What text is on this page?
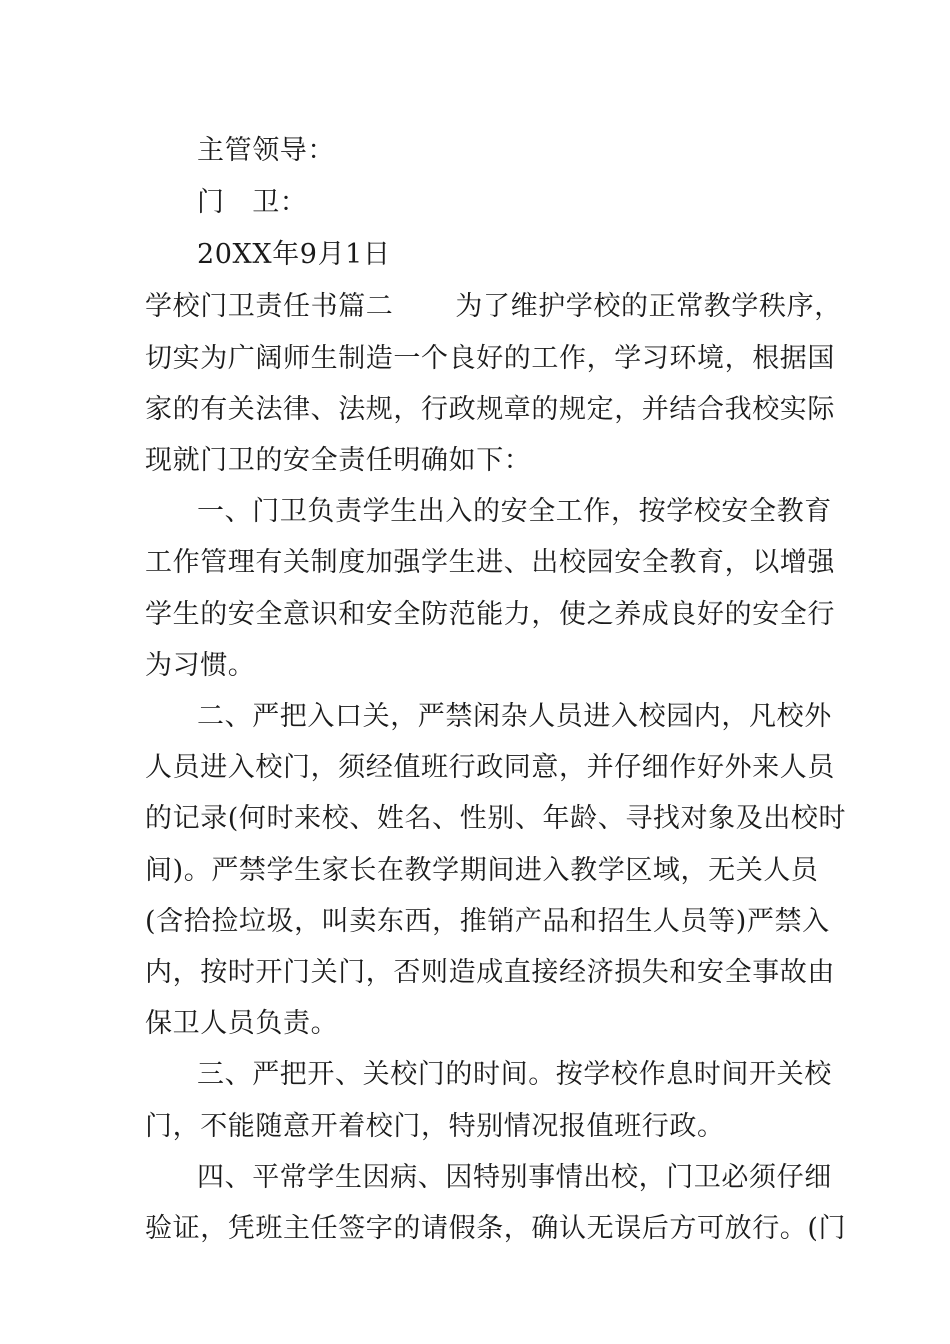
主管领导：
门　卫：
20XX年9月1日
学校门卫责任书篇二 为了维护学校的正常教学秩序，
切实为广阔师生制造一个良好的工作，学习环境，根据国
家的有关法律、法规，行政规章的规定，并结合我校实际
现就门卫的安全责任明确如下：
一、门卫负责学生出入的安全工作，按学校安全教育
工作管理有关制度加强学生进、出校园安全教育，以增强
学生的安全意识和安全防范能力，使之养成良好的安全行
为习惯。
二、严把入口关，严禁闲杂人员进入校园内，凡校外
人员进入校门，须经值班行政同意，并仔细作好外来人员
的记录(何时来校、姓名、性别、年龄、寻找对象及出校时
间)。严禁学生家长在教学期间进入教学区域，无关人员
(含拾捡垃圾，叫卖东西，推销产品和招生人员等)严禁入
内，按时开门关门，否则造成直接经济损失和安全事故由
保卫人员负责。
三、严把开、关校门的时间。按学校作息时间开关校
门，不能随意开着校门，特别情况报值班行政。
四、平常学生因病、因特别事情出校，门卫必须仔细
验证，凭班主任签字的请假条，确认无误后方可放行。(门
